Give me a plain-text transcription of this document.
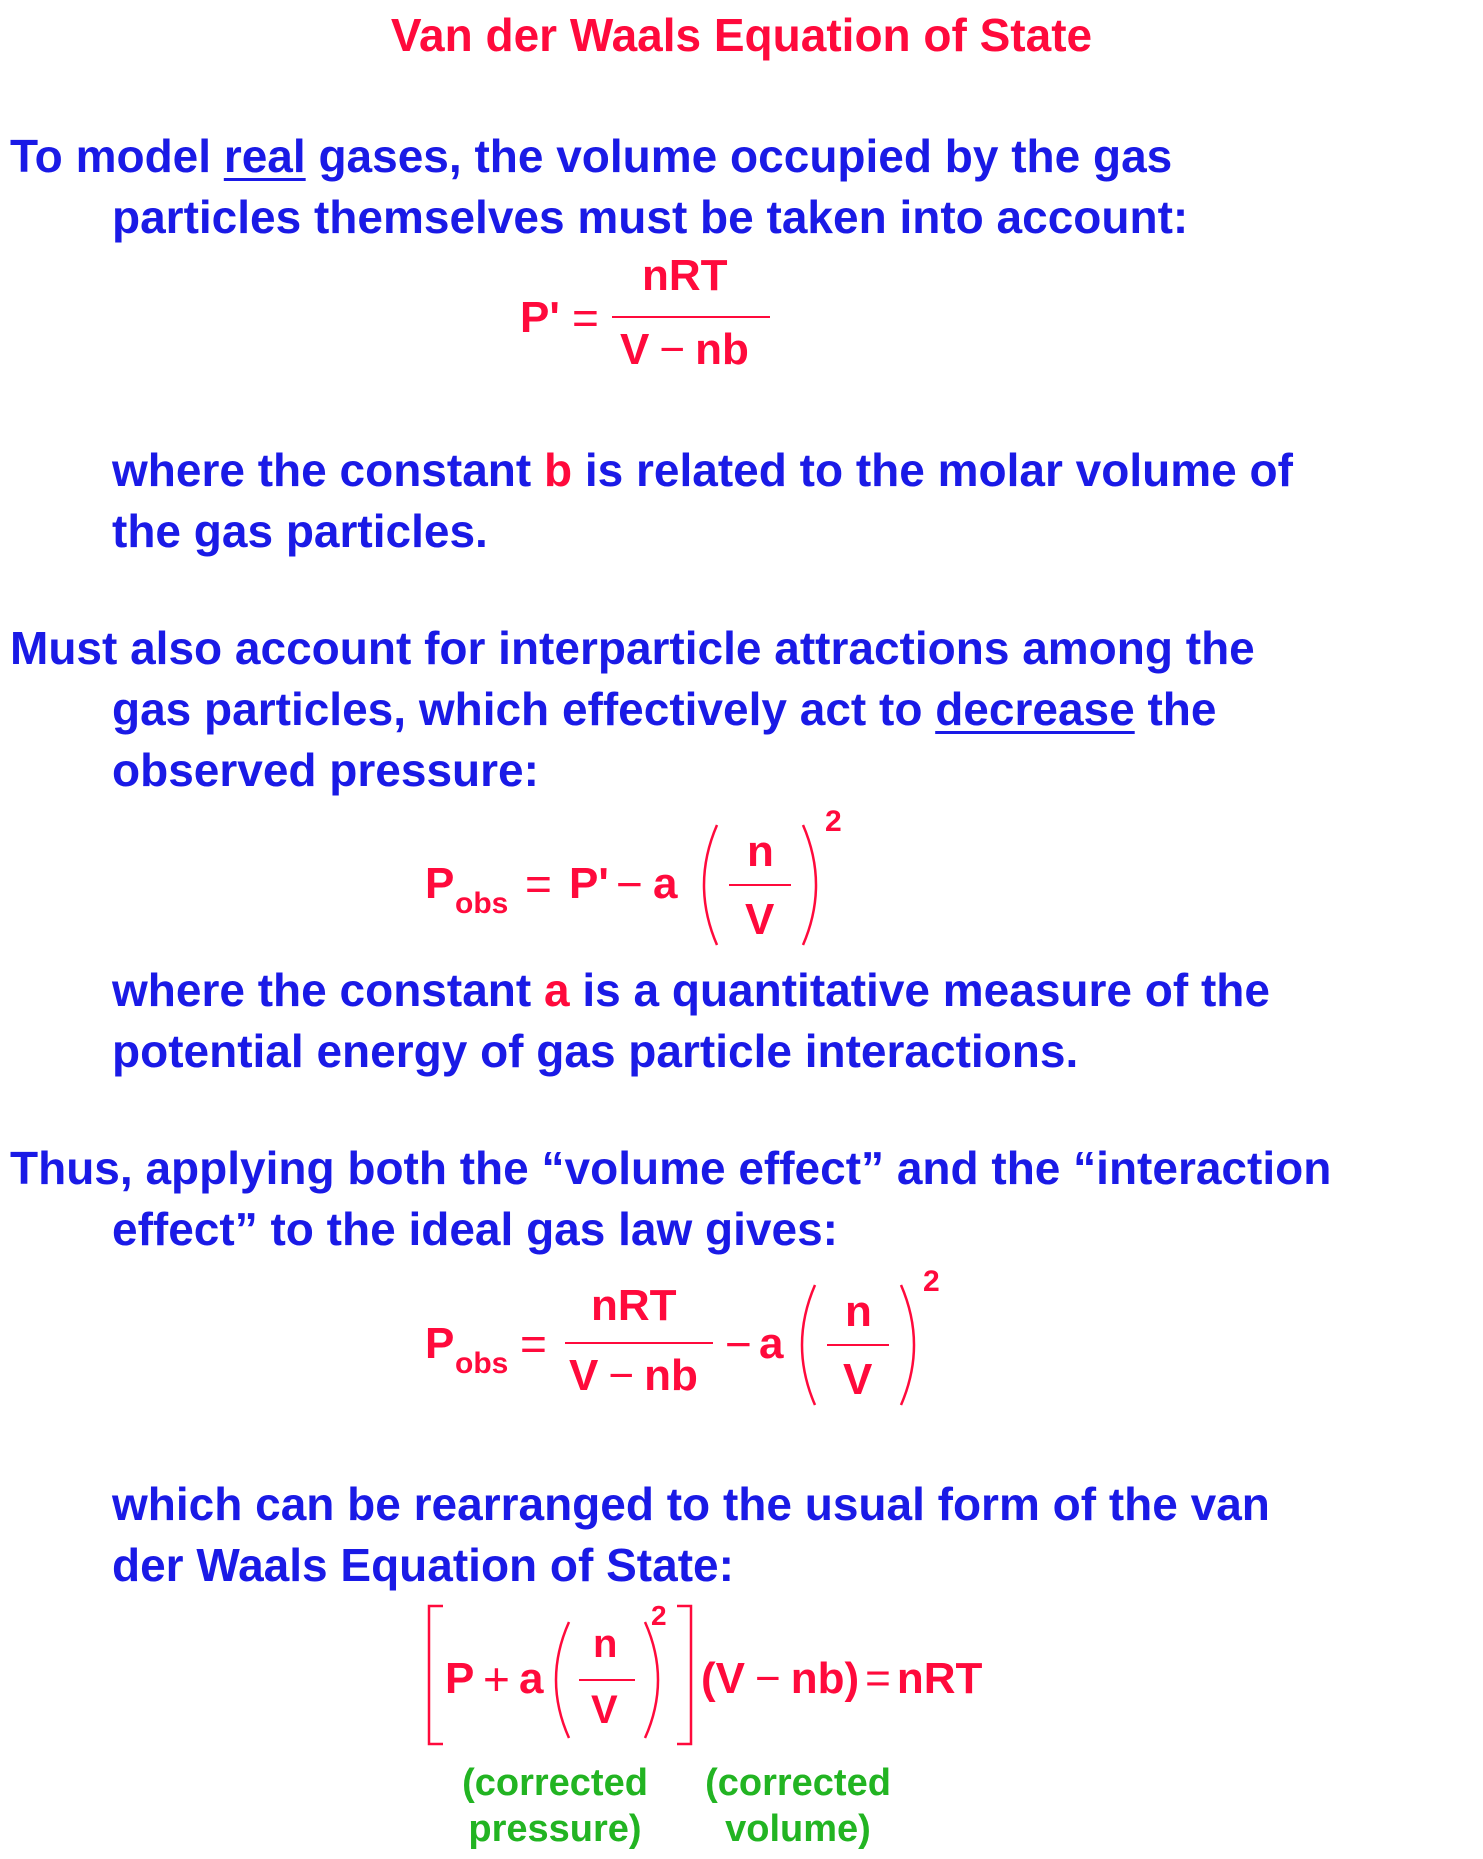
Van der Waals Equation of State
To model real gases, the volume occupied by the gas
particles themselves must be taken into account:
P' =
nRT
V − nb
where the constant b is related to the molar volume of
the gas particles.
Must also account for interparticle attractions among the
gas particles, which effectively act to decrease the
observed pressure:
P obs = P' − a
n
V
2
where the constant a is a quantitative measure of the
potential energy of gas particle interactions.
Thus, applying both the “volume effect” and the “interaction
effect” to the ideal gas law gives:
P obs =
nRT
V − nb
− a
n
V
2
which can be rearranged to the usual form of the van
der Waals Equation of State:
P + a
n
V
2
(V − nb) = nRT
(corrected
pressure)
(corrected
volume)
